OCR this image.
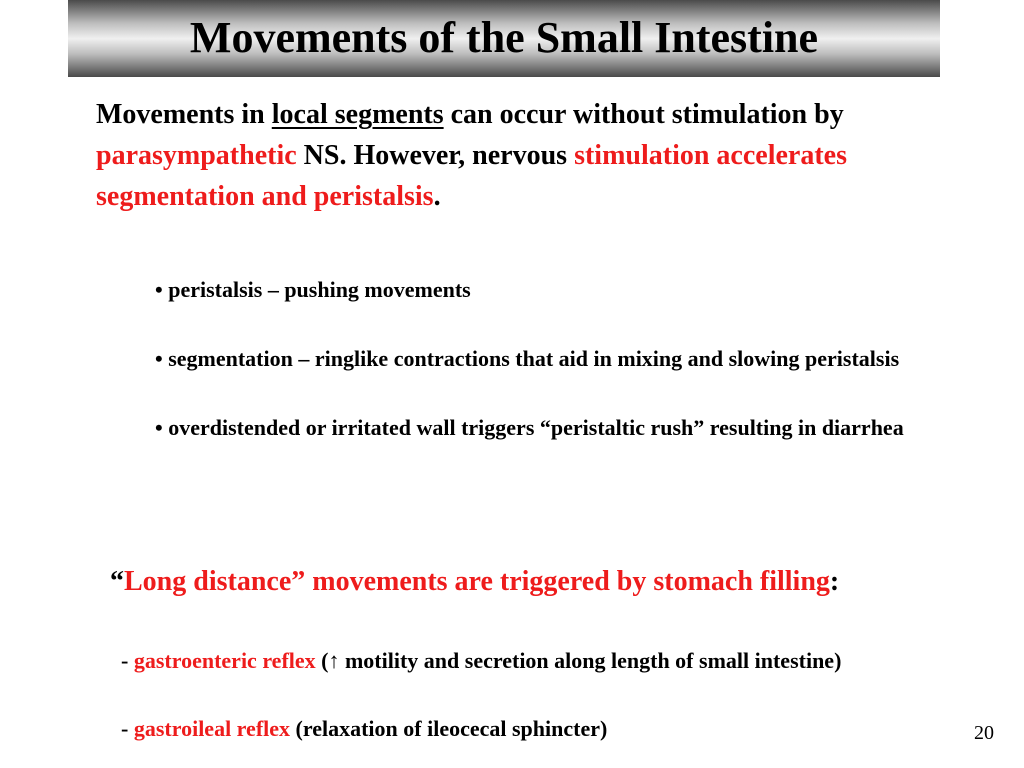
Movements of the Small Intestine

Movements in local segments can occur without stimulation by parasympathetic NS. However, nervous stimulation accelerates segmentation and peristalsis.

• peristalsis – pushing movements

• segmentation – ringlike contractions that aid in mixing and slowing peristalsis

• overdistended or irritated wall triggers “peristaltic rush” resulting in diarrhea

“Long distance” movements are triggered by stomach filling:

- gastroenteric reflex (↑ motility and secretion along length of small intestine)

- gastroileal reflex (relaxation of ileocecal sphincter)	20
